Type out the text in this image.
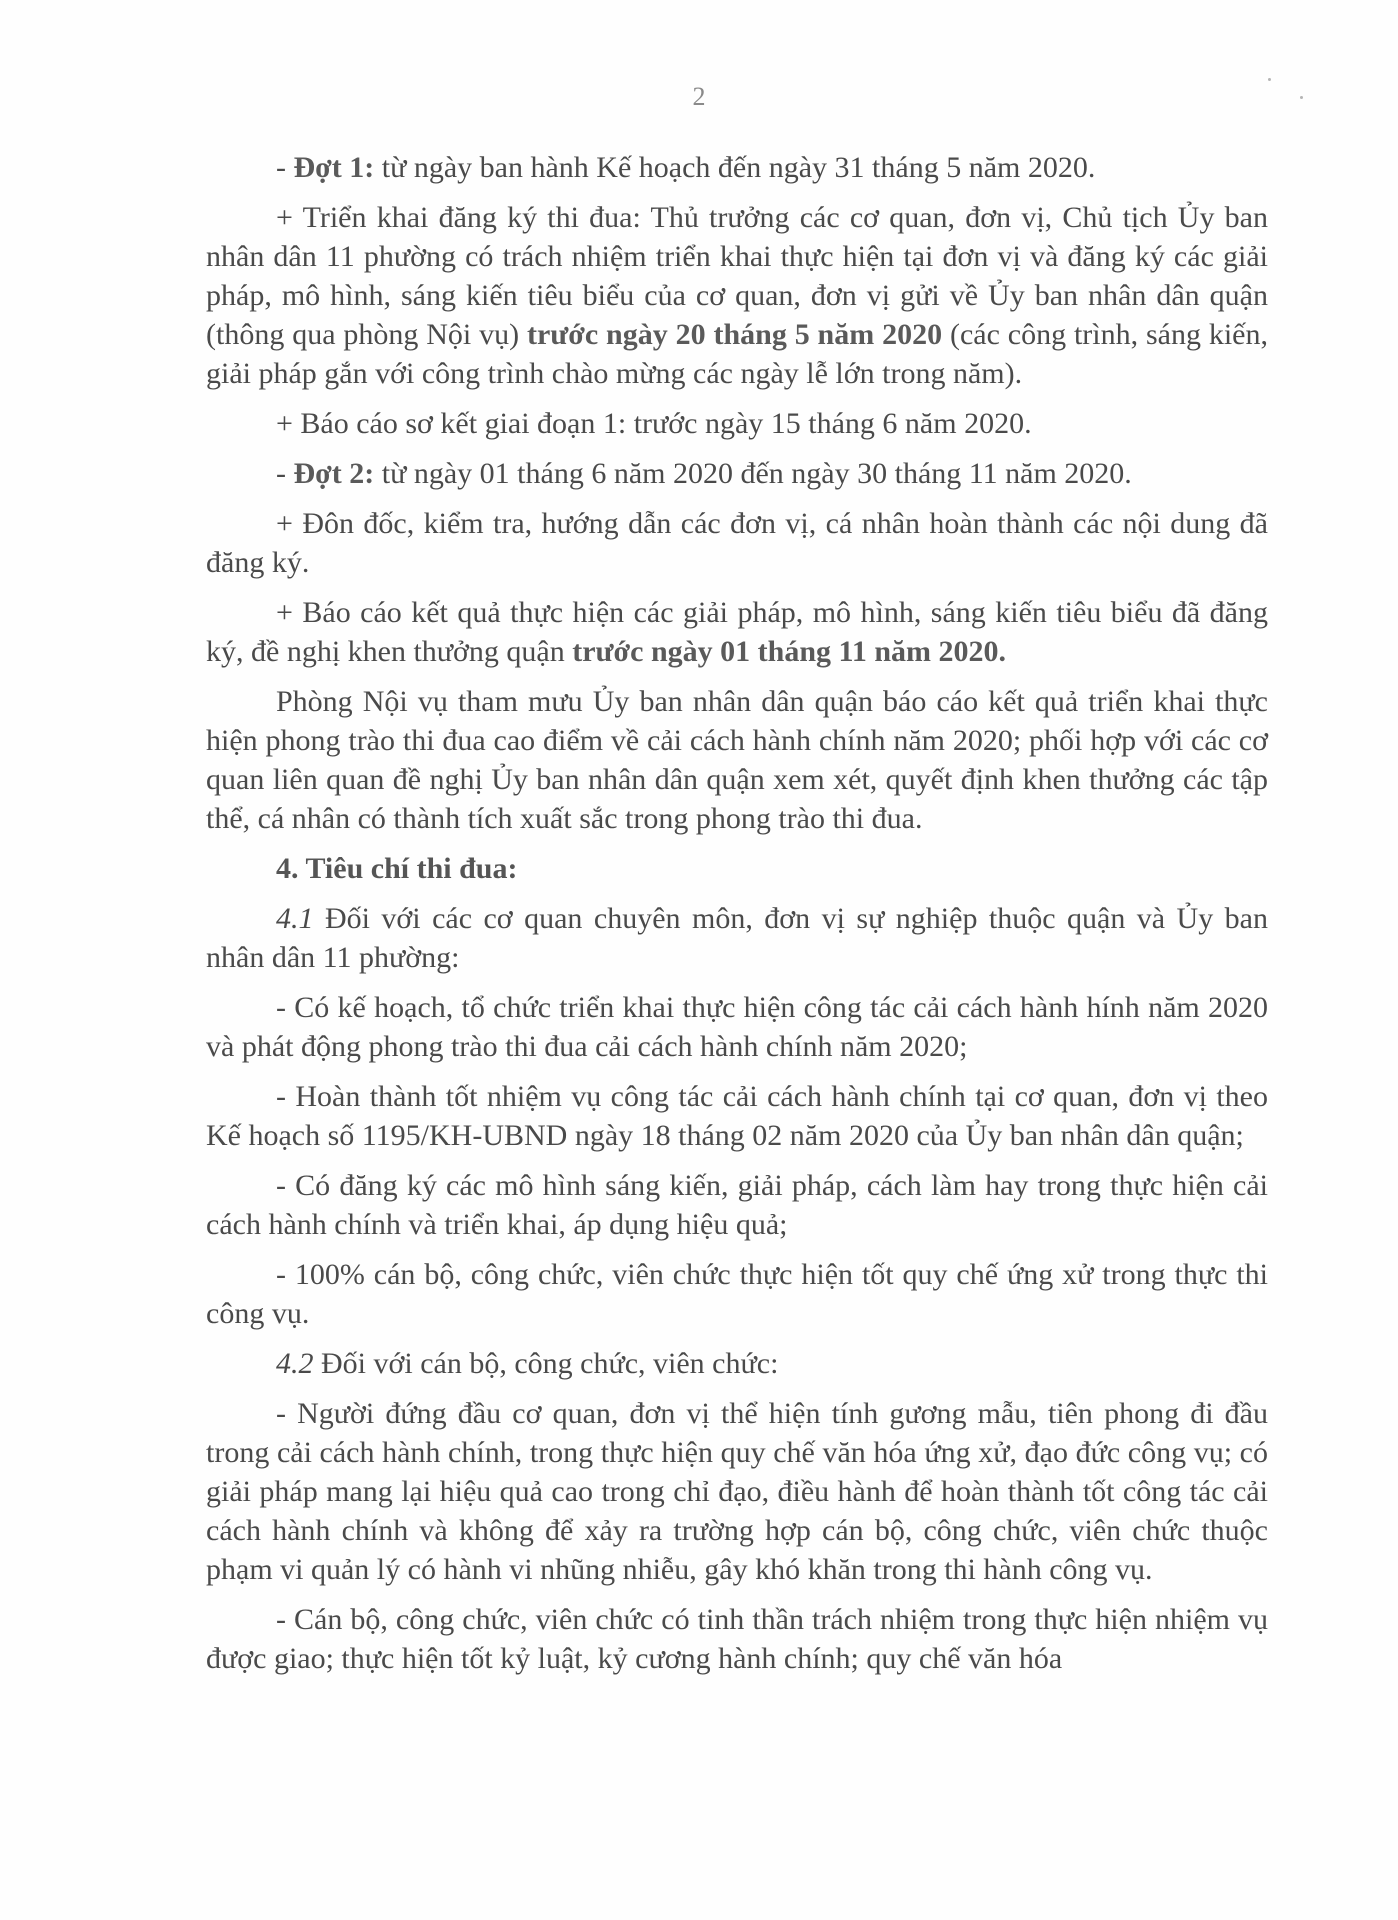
2

- Đợt 1: từ ngày ban hành Kế hoạch đến ngày 31 tháng 5 năm 2020.

+ Triển khai đăng ký thi đua: Thủ trưởng các cơ quan, đơn vị, Chủ tịch Ủy ban nhân dân 11 phường có trách nhiệm triển khai thực hiện tại đơn vị và đăng ký các giải pháp, mô hình, sáng kiến tiêu biểu của cơ quan, đơn vị gửi về Ủy ban nhân dân quận (thông qua phòng Nội vụ) trước ngày 20 tháng 5 năm 2020 (các công trình, sáng kiến, giải pháp gắn với công trình chào mừng các ngày lễ lớn trong năm).

+ Báo cáo sơ kết giai đoạn 1: trước ngày 15 tháng 6 năm 2020.

- Đợt 2: từ ngày 01 tháng 6 năm 2020 đến ngày 30 tháng 11 năm 2020.

+ Đôn đốc, kiểm tra, hướng dẫn các đơn vị, cá nhân hoàn thành các nội dung đã đăng ký.

+ Báo cáo kết quả thực hiện các giải pháp, mô hình, sáng kiến tiêu biểu đã đăng ký, đề nghị khen thưởng quận trước ngày 01 tháng 11 năm 2020.

Phòng Nội vụ tham mưu Ủy ban nhân dân quận báo cáo kết quả triển khai thực hiện phong trào thi đua cao điểm về cải cách hành chính năm 2020; phối hợp với các cơ quan liên quan đề nghị Ủy ban nhân dân quận xem xét, quyết định khen thưởng các tập thể, cá nhân có thành tích xuất sắc trong phong trào thi đua.

4. Tiêu chí thi đua:

4.1 Đối với các cơ quan chuyên môn, đơn vị sự nghiệp thuộc quận và Ủy ban nhân dân 11 phường:

- Có kế hoạch, tổ chức triển khai thực hiện công tác cải cách hành hính năm 2020 và phát động phong trào thi đua cải cách hành chính năm 2020;

- Hoàn thành tốt nhiệm vụ công tác cải cách hành chính tại cơ quan, đơn vị theo Kế hoạch số 1195/KH-UBND ngày 18 tháng 02 năm 2020 của Ủy ban nhân dân quận;

- Có đăng ký các mô hình sáng kiến, giải pháp, cách làm hay trong thực hiện cải cách hành chính và triển khai, áp dụng hiệu quả;

- 100% cán bộ, công chức, viên chức thực hiện tốt quy chế ứng xử trong thực thi công vụ.

4.2 Đối với cán bộ, công chức, viên chức:

- Người đứng đầu cơ quan, đơn vị thể hiện tính gương mẫu, tiên phong đi đầu trong cải cách hành chính, trong thực hiện quy chế văn hóa ứng xử, đạo đức công vụ; có giải pháp mang lại hiệu quả cao trong chỉ đạo, điều hành để hoàn thành tốt công tác cải cách hành chính và không để xảy ra trường hợp cán bộ, công chức, viên chức thuộc phạm vi quản lý có hành vi nhũng nhiễu, gây khó khăn trong thi hành công vụ.

- Cán bộ, công chức, viên chức có tinh thần trách nhiệm trong thực hiện nhiệm vụ được giao; thực hiện tốt kỷ luật, kỷ cương hành chính; quy chế văn hóa
